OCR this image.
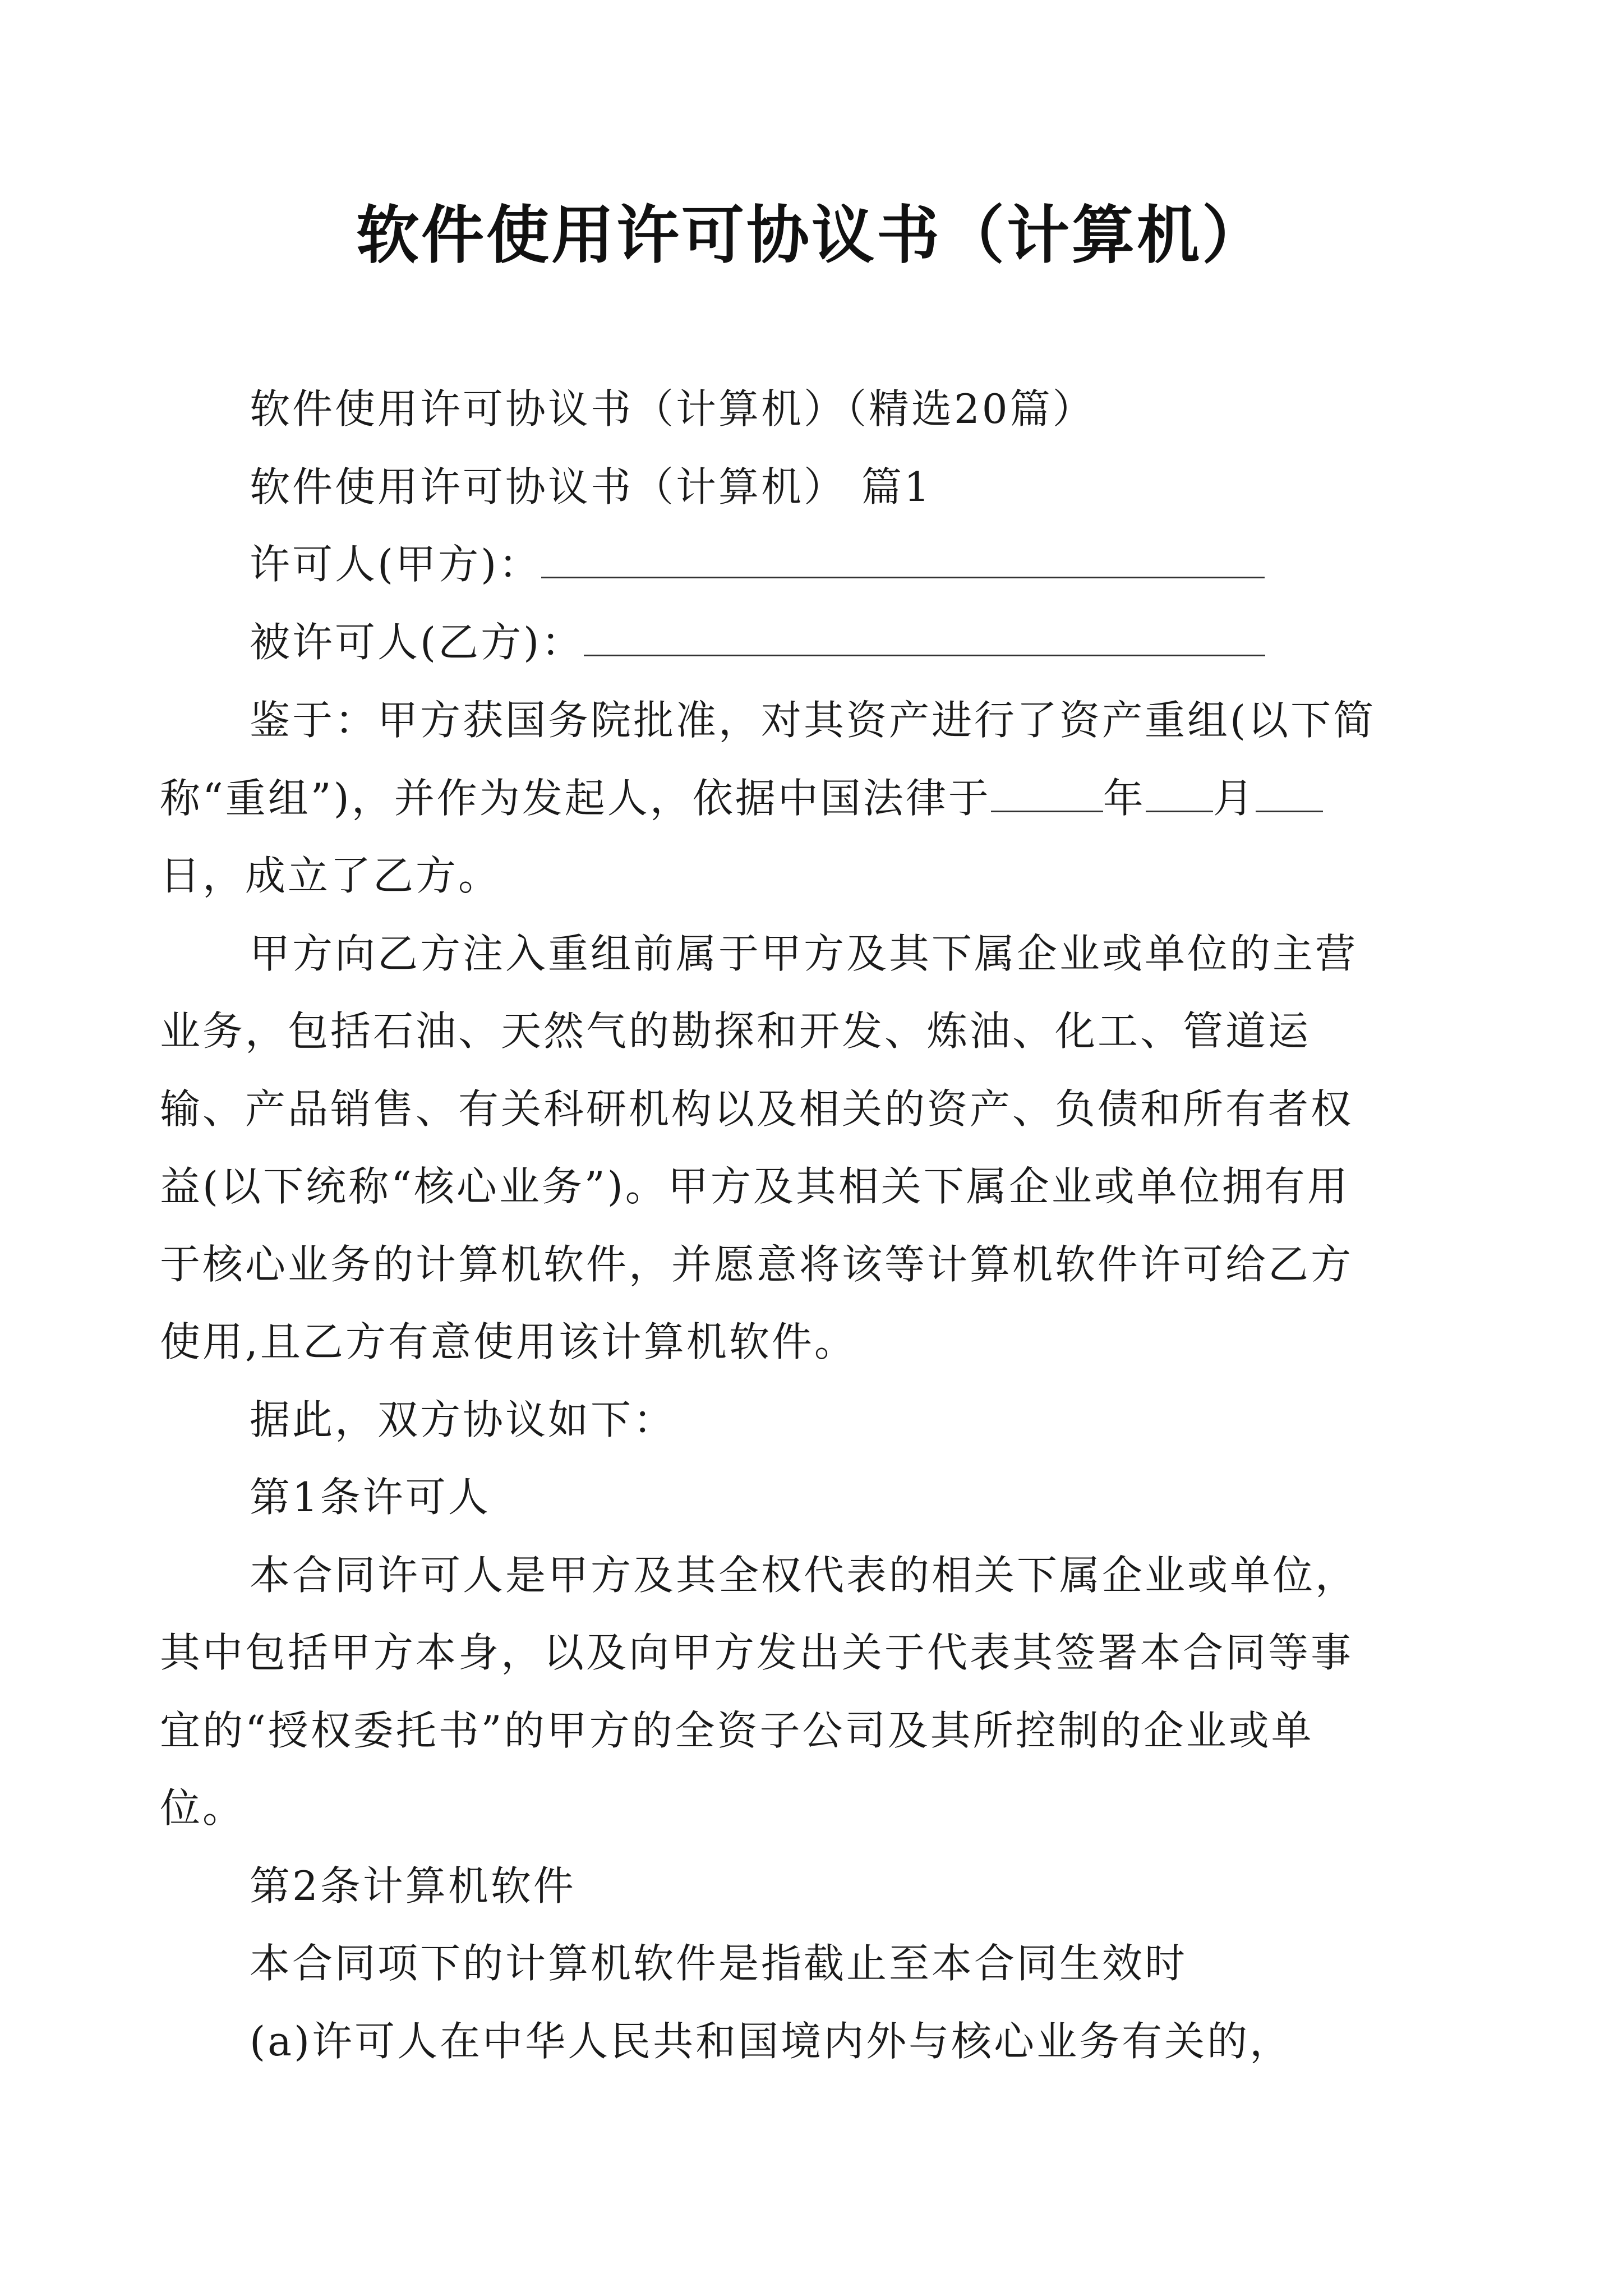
软件使用许可协议书（计算机）

软件使用许可协议书（计算机）（精选20篇）

软件使用许可协议书（计算机） 篇1

许可人(甲方)：

被许可人(乙方)：

鉴于：甲方获国务院批准，对其资产进行了资产重组(以下简称“重组”)，并作为发起人，依据中国法律于	年 月日，成立了乙方。

甲方向乙方注入重组前属于甲方及其下属企业或单位的主营业务，包括石油、天然气的勘探和开发、炼油、化工、管道运输、产品销售、有关科研机构以及相关的资产、负债和所有者权益(以下统称“核心业务”)。甲方及其相关下属企业或单位拥有用于核心业务的计算机软件，并愿意将该等计算机软件许可给乙方使用,且乙方有意使用该计算机软件。

据此，双方协议如下：

第1条许可人

本合同许可人是甲方及其全权代表的相关下属企业或单位，其中包括甲方本身，以及向甲方发出关于代表其签署本合同等事宜的“授权委托书”的甲方的全资子公司及其所控制的企业或单位。

第2条计算机软件

本合同项下的计算机软件是指截止至本合同生效时

(a)许可人在中华人民共和国境内外与核心业务有关的，
